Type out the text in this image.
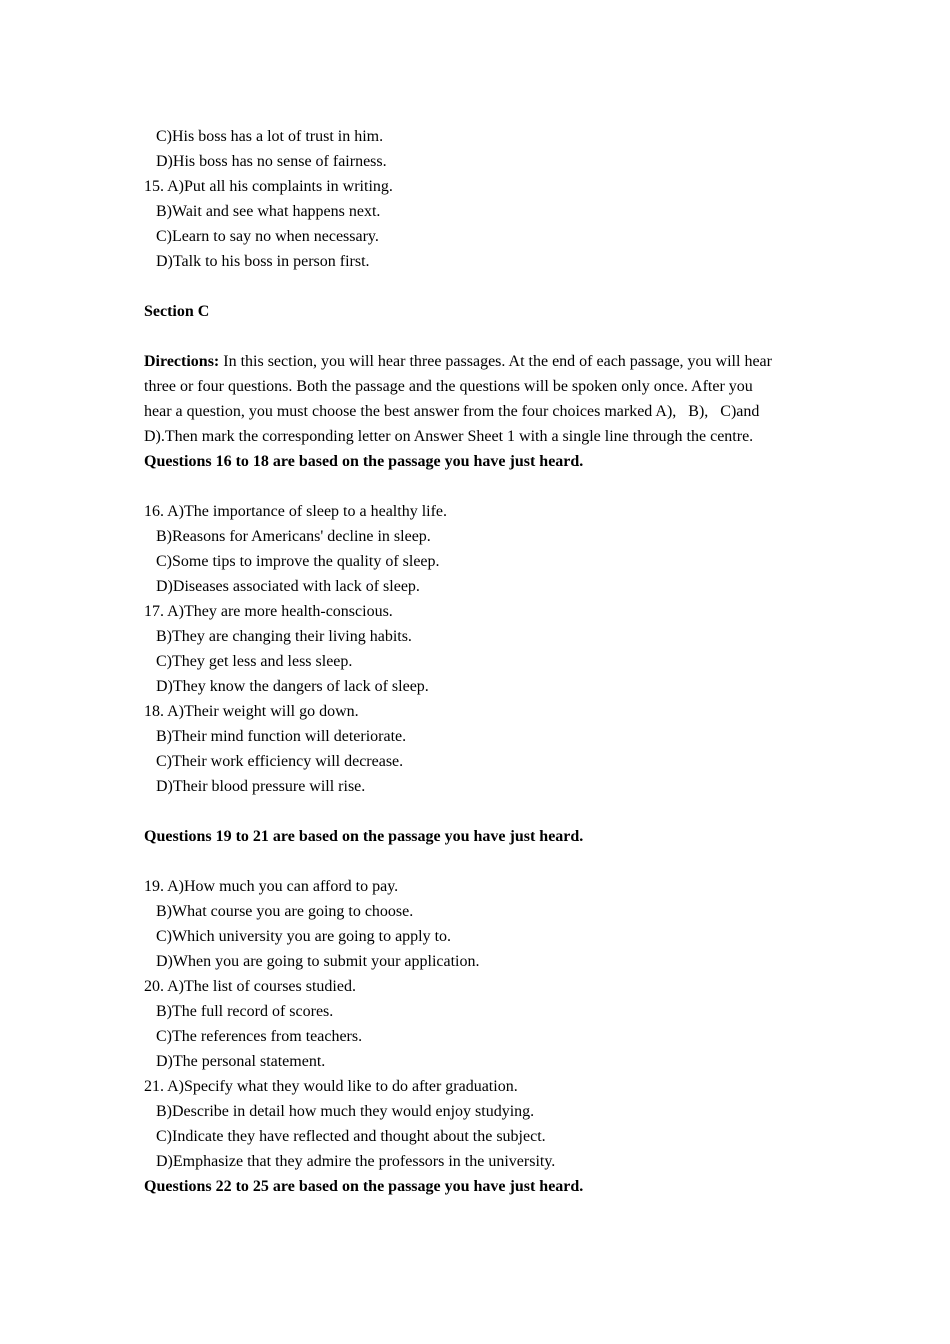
C)His boss has a lot of trust in him.
D)His boss has no sense of fairness.
15. A)Put all his complaints in writing.
B)Wait and see what happens next.
C)Learn to say no when necessary.
D)Talk to his boss in person first.
Section C
Directions: In this section, you will hear three passages. At the end of each passage, you will hear
three or four questions. Both the passage and the questions will be spoken only once. After you
hear a question, you must choose the best answer from the four choices marked A),   B),   C)and
D).Then mark the corresponding letter on Answer Sheet 1 with a single line through the centre.
Questions 16 to 18 are based on the passage you have just heard.
16. A)The importance of sleep to a healthy life.
B)Reasons for Americans' decline in sleep.
C)Some tips to improve the quality of sleep.
D)Diseases associated with lack of sleep.
17. A)They are more health-conscious.
B)They are changing their living habits.
C)They get less and less sleep.
D)They know the dangers of lack of sleep.
18. A)Their weight will go down.
B)Their mind function will deteriorate.
C)Their work efficiency will decrease.
D)Their blood pressure will rise.
Questions 19 to 21 are based on the passage you have just heard.
19. A)How much you can afford to pay.
B)What course you are going to choose.
C)Which university you are going to apply to.
D)When you are going to submit your application.
20. A)The list of courses studied.
B)The full record of scores.
C)The references from teachers.
D)The personal statement.
21. A)Specify what they would like to do after graduation.
B)Describe in detail how much they would enjoy studying.
C)Indicate they have reflected and thought about the subject.
D)Emphasize that they admire the professors in the university.
Questions 22 to 25 are based on the passage you have just heard.
